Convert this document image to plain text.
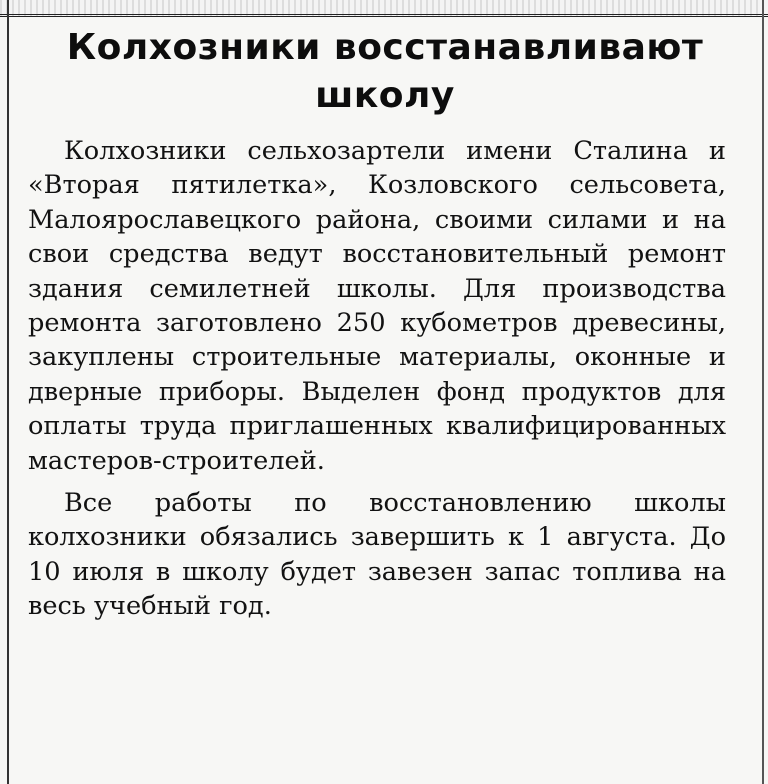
Колхозники восстанавливают
школу

Колхозники сельхозартели имени Сталина и «Вторая пятилетка», Козловского сельсовета, Малоярославецкого района, своими силами и на свои средства ведут восстановительный ремонт здания семилетней школы. Для производства ремонта заготовлено 250 кубометров древесины, закуплены строительные материалы, оконные и дверные приборы. Выделен фонд продуктов для оплаты труда приглашенных квалифицированных мастеров-строителей.

Все работы по восстановлению школы колхозники обязались завершить к 1 августа. До 10 июля в школу будет завезен запас топлива на весь учебный год.
